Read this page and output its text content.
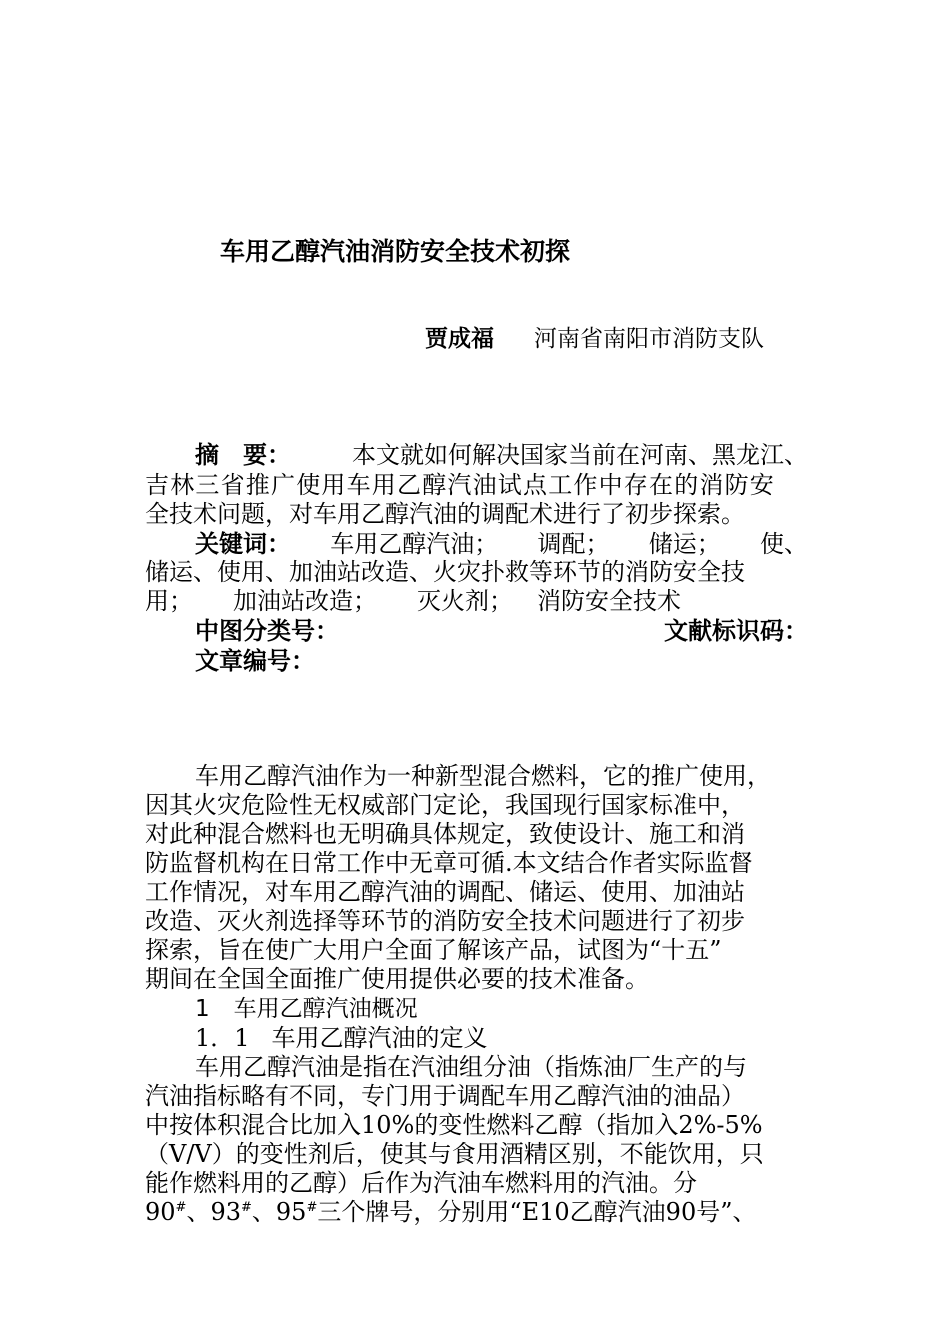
车用乙醇汽油消防安全技术初探
贾成福 河南省南阳市消防支队
摘　要：	本文就如何解决国家当前在河南、黑龙江、
吉林三省推广使用车用乙醇汽油试点工作中存在的消防安
全技术问题，对车用乙醇汽油的调配术进行了初步探索。
关键词： 车用乙醇汽油； 调配； 储运； 使、
储运、使用、加油站改造、火灾扑救等环节的消防安全技
用； 加油站改造； 灭火剂； 消防安全技术
中图分类号：	文献标识码：
文章编号：
车用乙醇汽油作为一种新型混合燃料，它的推广使用，
因其火灾危险性无权威部门定论，我国现行国家标准中，
对此种混合燃料也无明确具体规定，致使设计、施工和消
防监督机构在日常工作中无章可循.本文结合作者实际监督
工作情况，对车用乙醇汽油的调配、储运、使用、加油站
改造、灭火剂选择等环节的消防安全技术问题进行了初步
探索，旨在使广大用户全面了解该产品，试图为“十五”
期间在全国全面推广使用提供必要的技术准备。
1 车用乙醇汽油概况
1．1 车用乙醇汽油的定义
车用乙醇汽油是指在汽油组分油（指炼油厂生产的与
汽油指标略有不同，专门用于调配车用乙醇汽油的油品）
中按体积混合比加入10%的变性燃料乙醇（指加入2%-5%
（V/V）的变性剂后，使其与食用酒精区别，不能饮用，只
能作燃料用的乙醇）后作为汽油车燃料用的汽油。分
90#、93#、95#三个牌号，分别用“E10乙醇汽油90号”、
